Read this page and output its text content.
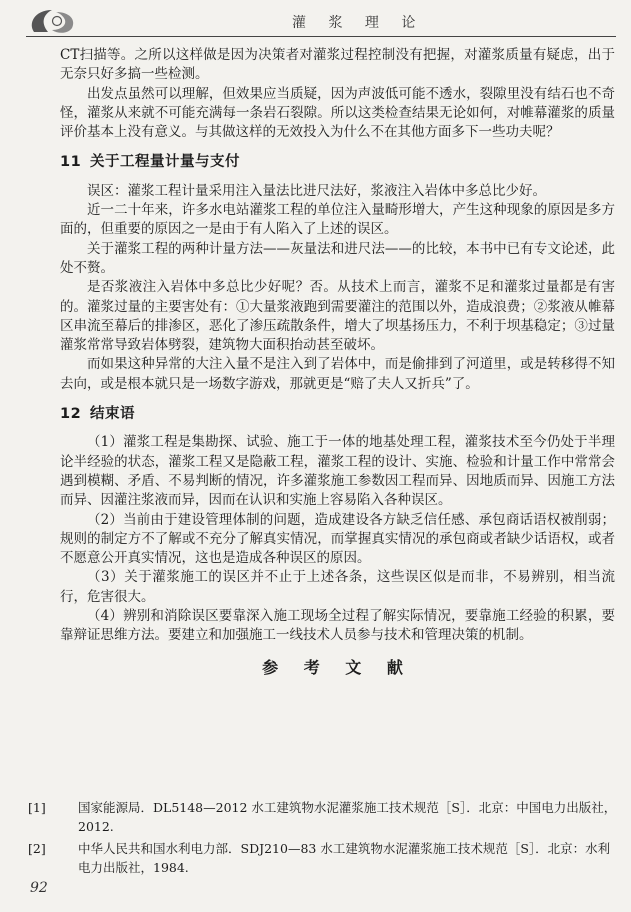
灌 浆 理 论

CT扫描等。之所以这样做是因为决策者对灌浆过程控制没有把握，对灌浆质量有疑虑，出于无奈只好多搞一些检测。

出发点虽然可以理解，但效果应当质疑，因为声波低可能不透水，裂隙里没有结石也不奇怪，灌浆从来就不可能充满每一条岩石裂隙。所以这类检查结果无论如何，对帷幕灌浆的质量评价基本上没有意义。与其做这样的无效投入为什么不在其他方面多下一些功夫呢？

11 关于工程量计量与支付

误区：灌浆工程计量采用注入量法比进尺法好，浆液注入岩体中多总比少好。

近一二十年来，许多水电站灌浆工程的单位注入量畸形增大，产生这种现象的原因是多方面的，但重要的原因之一是由于有人陷入了上述的误区。

关于灌浆工程的两种计量方法——灰量法和进尺法——的比较，本书中已有专文论述，此处不赘。

是否浆液注入岩体中多总比少好呢？否。从技术上而言，灌浆不足和灌浆过量都是有害的。灌浆过量的主要害处有：①大量浆液跑到需要灌注的范围以外，造成浪费；②浆液从帷幕区串流至幕后的排渗区，恶化了渗压疏散条件，增大了坝基扬压力，不利于坝基稳定；③过量灌浆常常导致岩体劈裂，建筑物大面积抬动甚至破坏。

而如果这种异常的大注入量不是注入到了岩体中，而是偷排到了河道里，或是转移得不知去向，或是根本就只是一场数字游戏，那就更是“赔了夫人又折兵”了。

12 结束语

（1）灌浆工程是集勘探、试验、施工于一体的地基处理工程，灌浆技术至今仍处于半理论半经验的状态，灌浆工程又是隐蔽工程，灌浆工程的设计、实施、检验和计量工作中常常会遇到模糊、矛盾、不易判断的情况，许多灌浆施工参数因工程而异、因地质而异、因施工方法而异、因灌注浆液而异，因而在认识和实施上容易陷入各种误区。

（2）当前由于建设管理体制的问题，造成建设各方缺乏信任感、承包商话语权被削弱；规则的制定方不了解或不充分了解真实情况，而掌握真实情况的承包商或者缺少话语权，或者不愿意公开真实情况，这也是造成各种误区的原因。

（3）关于灌浆施工的误区并不止于上述各条，这些误区似是而非，不易辨别，相当流行，危害很大。

（4）辨别和消除误区要靠深入施工现场全过程了解实际情况，要靠施工经验的积累，要靠辩证思维方法。要建立和加强施工一线技术人员参与技术和管理决策的机制。

参 考 文 献

[1]	国家能源局．DL5148—2012 水工建筑物水泥灌浆施工技术规范［S］．北京：中国电力出版社，2012.

[2]	中华人民共和国水利电力部．SDJ210—83 水工建筑物水泥灌浆施工技术规范［S］．北京：水利电力出版社，1984.

92
